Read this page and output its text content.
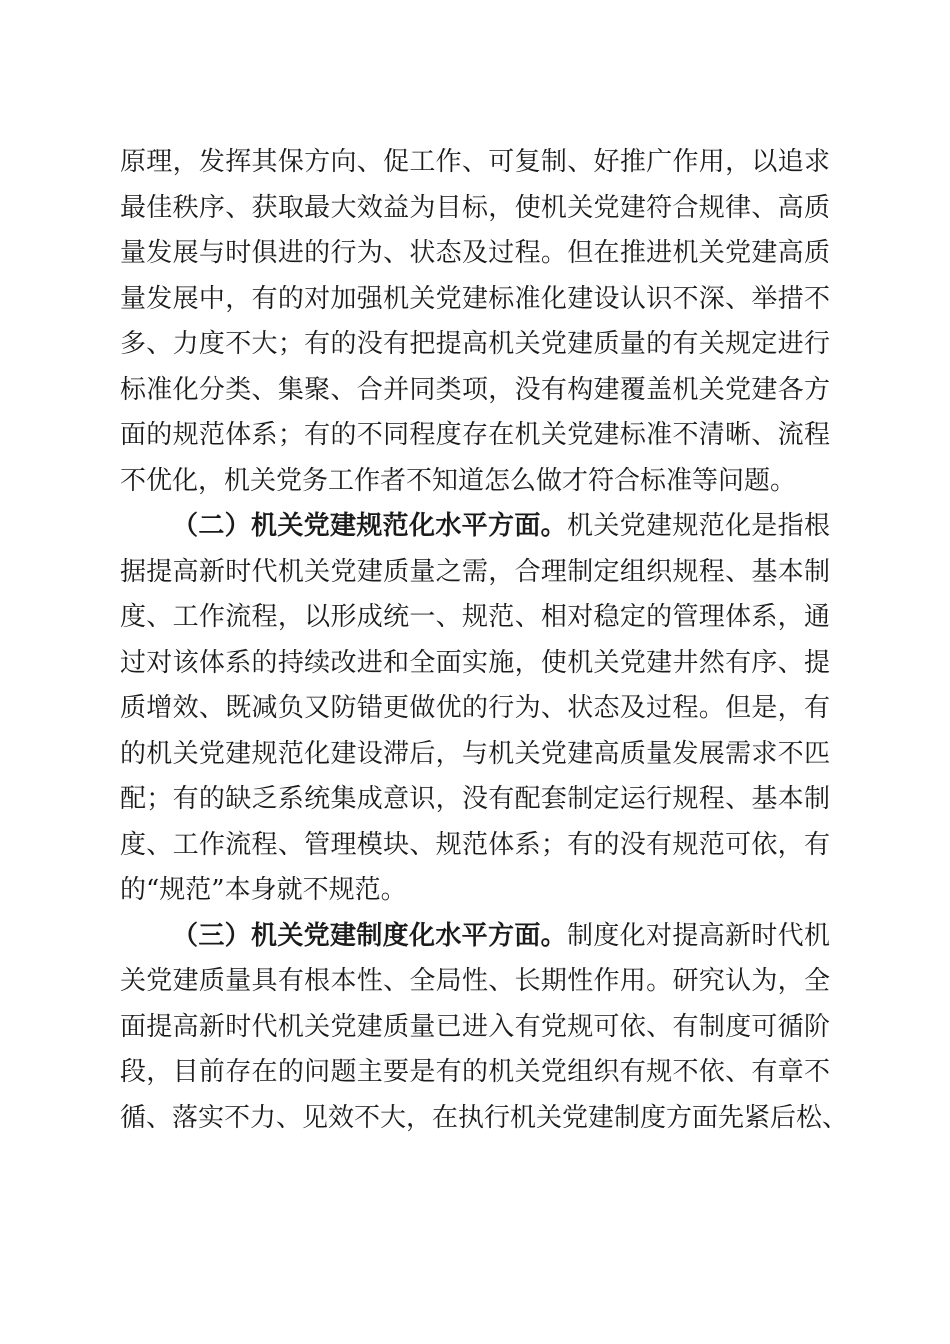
原理，发挥其保方向、促工作、可复制、好推广作用，以追求
最佳秩序、获取最大效益为目标，使机关党建符合规律、高质
量发展与时俱进的行为、状态及过程。但在推进机关党建高质
量发展中，有的对加强机关党建标准化建设认识不深、举措不
多、力度不大；有的没有把提高机关党建质量的有关规定进行
标准化分类、集聚、合并同类项，没有构建覆盖机关党建各方
面的规范体系；有的不同程度存在机关党建标准不清晰、流程
不优化，机关党务工作者不知道怎么做才符合标准等问题。
（二）机关党建规范化水平方面。机关党建规范化是指根
据提高新时代机关党建质量之需，合理制定组织规程、基本制
度、工作流程，以形成统一、规范、相对稳定的管理体系，通
过对该体系的持续改进和全面实施，使机关党建井然有序、提
质增效、既减负又防错更做优的行为、状态及过程。但是，有
的机关党建规范化建设滞后，与机关党建高质量发展需求不匹
配；有的缺乏系统集成意识，没有配套制定运行规程、基本制
度、工作流程、管理模块、规范体系；有的没有规范可依，有
的“规范”本身就不规范。
（三）机关党建制度化水平方面。制度化对提高新时代机
关党建质量具有根本性、全局性、长期性作用。研究认为，全
面提高新时代机关党建质量已进入有党规可依、有制度可循阶
段，目前存在的问题主要是有的机关党组织有规不依、有章不
循、落实不力、见效不大，在执行机关党建制度方面先紧后松、
